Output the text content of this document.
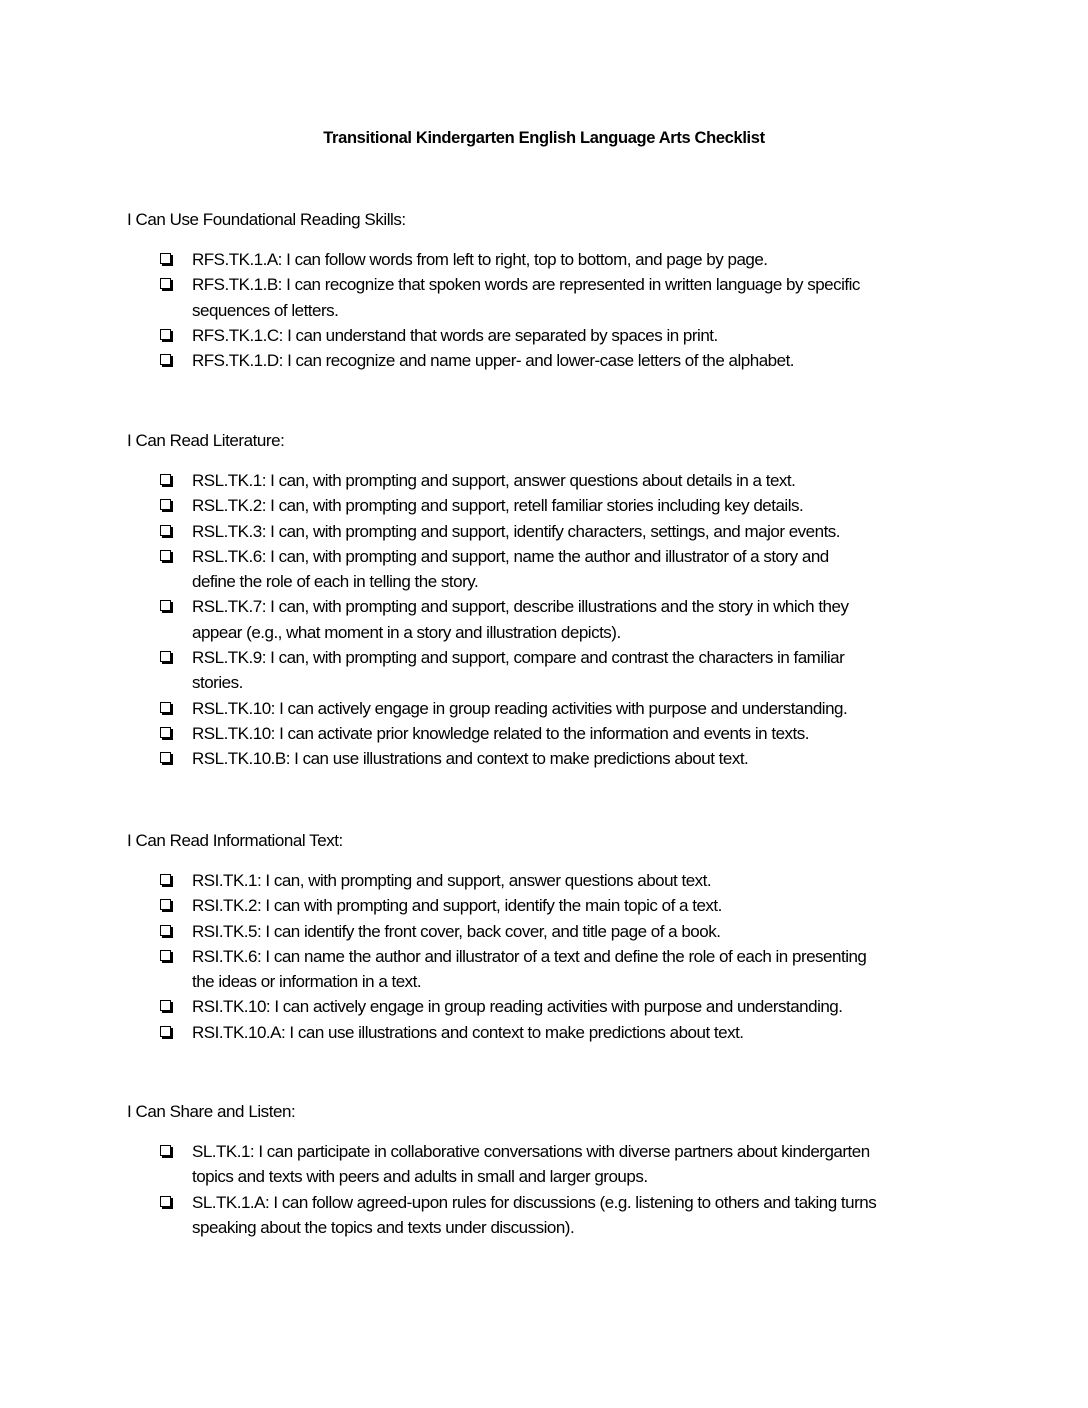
Transitional Kindergarten English Language Arts Checklist
I Can Use Foundational Reading Skills:
RFS.TK.1.A: I can follow words from left to right, top to bottom, and page by page.
RFS.TK.1.B: I can recognize that spoken words are represented in written language by specific
sequences of letters.
RFS.TK.1.C: I can understand that words are separated by spaces in print.
RFS.TK.1.D: I can recognize and name upper- and lower-case letters of the alphabet.
I Can Read Literature:
RSL.TK.1: I can, with prompting and support, answer questions about details in a text.
RSL.TK.2: I can, with prompting and support, retell familiar stories including key details.
RSL.TK.3: I can, with prompting and support, identify characters, settings, and major events.
RSL.TK.6: I can, with prompting and support, name the author and illustrator of a story and
define the role of each in telling the story.
RSL.TK.7: I can, with prompting and support, describe illustrations and the story in which they
appear (e.g., what moment in a story and illustration depicts).
RSL.TK.9: I can, with prompting and support, compare and contrast the characters in familiar
stories.
RSL.TK.10: I can actively engage in group reading activities with purpose and understanding.
RSL.TK.10: I can activate prior knowledge related to the information and events in texts.
RSL.TK.10.B: I can use illustrations and context to make predictions about text.
I Can Read Informational Text:
RSI.TK.1: I can, with prompting and support, answer questions about text.
RSI.TK.2: I can with prompting and support, identify the main topic of a text.
RSI.TK.5: I can identify the front cover, back cover, and title page of a book.
RSI.TK.6: I can name the author and illustrator of a text and define the role of each in presenting
the ideas or information in a text.
RSI.TK.10: I can actively engage in group reading activities with purpose and understanding.
RSI.TK.10.A: I can use illustrations and context to make predictions about text.
I Can Share and Listen:
SL.TK.1: I can participate in collaborative conversations with diverse partners about kindergarten
topics and texts with peers and adults in small and larger groups.
SL.TK.1.A: I can follow agreed-upon rules for discussions (e.g. listening to others and taking turns
speaking about the topics and texts under discussion).
